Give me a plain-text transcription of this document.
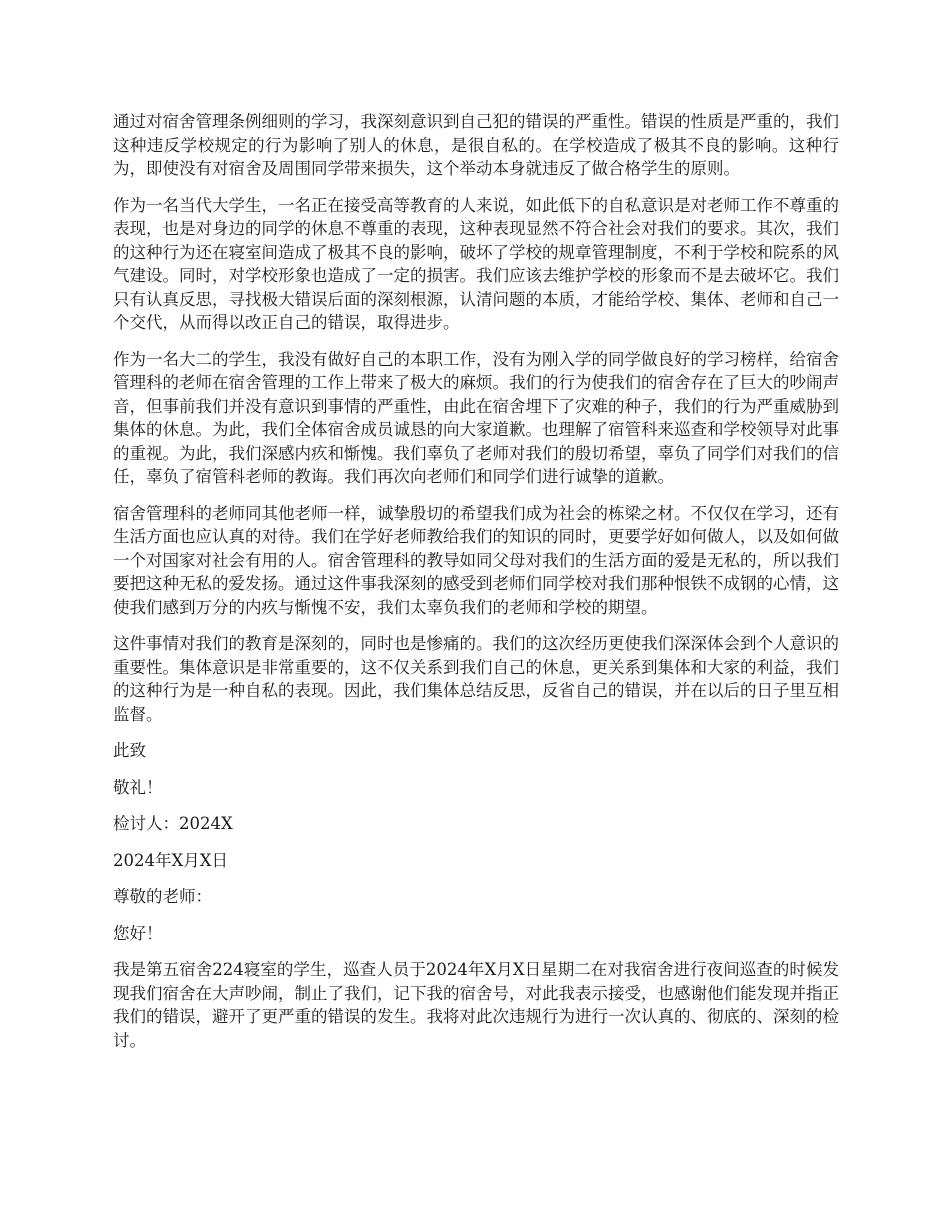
通过对宿舍管理条例细则的学习，我深刻意识到自己犯的错误的严重性。错误的性质是严重的，我们这种违反学校规定的行为影响了别人的休息，是很自私的。在学校造成了极其不良的影响。这种行为，即使没有对宿舍及周围同学带来损失，这个举动本身就违反了做合格学生的原则。

作为一名当代大学生，一名正在接受高等教育的人来说，如此低下的自私意识是对老师工作不尊重的表现，也是对身边的同学的休息不尊重的表现，这种表现显然不符合社会对我们的要求。其次，我们的这种行为还在寝室间造成了极其不良的影响，破坏了学校的规章管理制度，不利于学校和院系的风气建设。同时，对学校形象也造成了一定的损害。我们应该去维护学校的形象而不是去破坏它。我们只有认真反思，寻找极大错误后面的深刻根源，认清问题的本质，才能给学校、集体、老师和自己一个交代，从而得以改正自己的错误，取得进步。

作为一名大二的学生，我没有做好自己的本职工作，没有为刚入学的同学做良好的学习榜样，给宿舍管理科的老师在宿舍管理的工作上带来了极大的麻烦。我们的行为使我们的宿舍存在了巨大的吵闹声音，但事前我们并没有意识到事情的严重性，由此在宿舍埋下了灾难的种子，我们的行为严重威胁到集体的休息。为此，我们全体宿舍成员诚恳的向大家道歉。也理解了宿管科来巡查和学校领导对此事的重视。为此，我们深感内疚和惭愧。我们辜负了老师对我们的殷切希望，辜负了同学们对我们的信任，辜负了宿管科老师的教诲。我们再次向老师们和同学们进行诚挚的道歉。

宿舍管理科的老师同其他老师一样，诚挚殷切的希望我们成为社会的栋梁之材。不仅仅在学习，还有生活方面也应认真的对待。我们在学好老师教给我们的知识的同时，更要学好如何做人，以及如何做一个对国家对社会有用的人。宿舍管理科的教导如同父母对我们的生活方面的爱是无私的，所以我们要把这种无私的爱发扬。通过这件事我深刻的感受到老师们同学校对我们那种恨铁不成钢的心情，这使我们感到万分的内疚与惭愧不安，我们太辜负我们的老师和学校的期望。

这件事情对我们的教育是深刻的，同时也是惨痛的。我们的这次经历更使我们深深体会到个人意识的重要性。集体意识是非常重要的，这不仅关系到我们自己的休息，更关系到集体和大家的利益，我们的这种行为是一种自私的表现。因此，我们集体总结反思，反省自己的错误，并在以后的日子里互相监督。

此致

敬礼！

检讨人：2024X

2024年X月X日

尊敬的老师：

您好！

我是第五宿舍224寝室的学生，巡查人员于2024年X月X日星期二在对我宿舍进行夜间巡查的时候发现我们宿舍在大声吵闹，制止了我们，记下我的宿舍号，对此我表示接受，也感谢他们能发现并指正我们的错误，避开了更严重的错误的发生。我将对此次违规行为进行一次认真的、彻底的、深刻的检讨。
